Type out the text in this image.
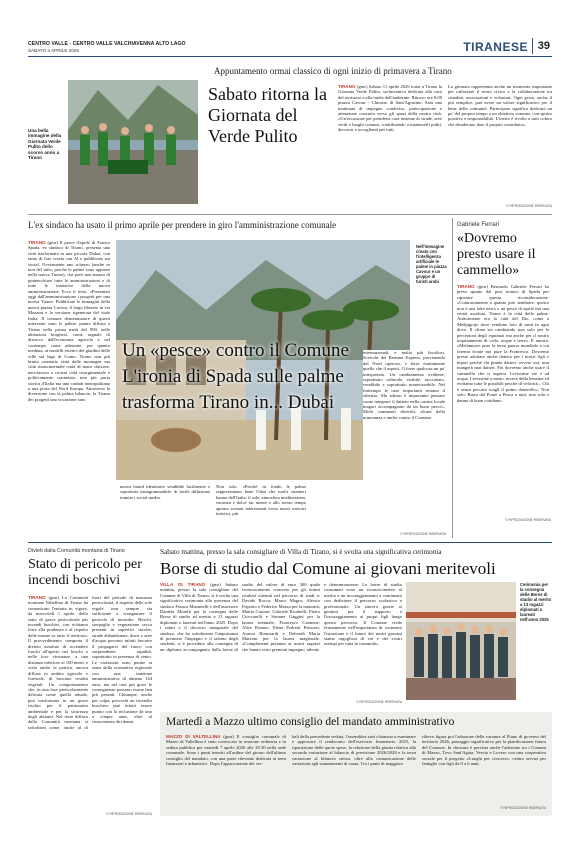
CENTRO VALLE - CENTRO VALLE VALCHIAVENNA ALTO LAGO
SABATO 4 APRILE 2026	TIRANESE 39
Appuntamento ormai classico di ogni inizio di primavera a Tirano
Una bella immagine della Giornata Verde Pulito dello scorso anno a Tirano
Sabato ritorna la Giornata del Verde Pulito
TIRANO (gmr) Sabato 11 aprile 2026 torna a Tirano la Giornata Verde Pulito, un'iniziativa dedicata alla cura del territorio e alla tutela dell'ambiente. Ritrovo ore 8.00 piazza Cavour - Chiostro di Sant'Agostino. Sarà una mattinata di impegno condiviso, partecipazione e attenzione concreta verso gli spazi della nostra città. «Un'occasione per prendersi cura insieme di strade, aree verdi e luoghi comuni, contribuendo a mantenerli puliti, decorosi e accoglienti per tutti.
La giornata rappresenta anche un momento importante per rafforzare il senso civico e la collaborazione tra cittadini, associazioni e volontari. Ogni gesto, anche il più semplice, può avere un valore significativo per il bene della comunità. Partecipare significa dedicare un po' del proprio tempo a un obiettivo comune, con spirito positivo e responsabilità. L'invito è rivolto a tutti coloro che desiderano dare il proprio contributo».
© RIPRODUZIONE RISERVATA
L'ex sindaco ha usato il primo aprile per prendere in giro l'amministrazione comunale
TIRANO (gmr) Il pesce d'aprile di Franco Spada, ex sindaco di Tirano, presenta una città trasformata in una piccola Dubai, con tanto di foto creata con AI e pubblicate sui social. Ovviamente uno scherzo (anche se non del tutto, perché le palme sono apparse nella nuova Tirano), che però non manca di punzecchiare tutte le amministrazioni e di tutte le iniziative della nuova amministrazione. Ecco il testo. «Presentati oggi dall'amministrazione i progetti per una nuova Tirano. Pubblicate le immagini della nuova piazza Cavour, il largo liberato in via Mazzini e la versione rigenerata del viale Italia. Il comune denominatore di questi interventi sono le palme: piante diffuse a Tirano nella prima metà del 900, nelle abitazioni borghesi, come segnale di distacco dall'economia agricola e nel contempo come adesione, per quanto mediata, ai modelli estetici dei giardini delle ville sul lago di Como. Tirano non più brutta catenaria vista dalle montagne ma città rinascimentale cinta di mura sfarzose, neoclassica e riviera città risorgimentale e politicamente connotata, non più porta storica d'Italia ma una casbah metropolitana a una porta del Nord Europa. Attraverso la diversione con la palma bilancio, la Tirano dei progetti una vocazione sino
Nell'immagine creata con l'intelligenza artificiale le palme in piazza Cavour e un gruppo di turisti arabi
Un «pesce» contro il Comune L'ironia di Spada sulle palme trasforma Tirano in... Dubai
nuova brand identitario vendibile facilmente e sopratutto instagrammabile: di facile diffusione tramite i social media.
Non solo. «Perché in fondo le palme rappresentano bene l'idea che molti stranieri hanno dell'Italia: il sole, atmosfera mediterranea, vacanza e dolce far niente e allo stesso tempo aprono scenari interessanti verso nuovi mercati turistici, più
internazionali, e molto più facoltosi. Sceicchi del Bernina Express, provenendo dal Nord operoso, e forse esattamente quello che il aspetti. O forse qualcosa un po' interpretato. Un cambiamento evidente, soprattutto culturale, visibile, raccontato, vendibile e soprattutto monetizzabile. Nel frattempo le case importanti restano il silenzio. Ma adesso è importante pensare come integrare il dattero nella cucina locale magari accompagnato da un buon pesce». Molti commenti divertiti, alcuni della minoranza e anche contro il Comune.
© RIPRODUZIONE RISERVATA
Gabriele Ferrari
«Dovremo presto usare il cammello»
TIRANO (gmr) Bernardo Gabriele Ferrari ha preso spunto dal post ironico di Spada per riportare questa riconsiderazione. «Contrariamente a quanto può sembrare, questo non è una fake news o un pesce di aprile ma una verità assoluta. Tirano è la città delle palme. Anticamente era la città del Dio, come a Medjugorje dove vendono foto di santi in ogni dove. Il clima sta cambiando non solo per le percezioni degli equinozi ma anche per il nostro inquinamento di cielo, acque e terre». E ancora. «Metàmuovi pure la terza guerra mondiale a cui faremo fronte noi pure la Francesco. Dovremo presto adottare anche dattero per i nostri figli e nipoti perché chi pianta datteri, ovvero noi, non mangerà mai datteri. Poi dovremo anche usare il cammello che ci aspetta. Levissime vie e ad acqua. Levissime a meno, invece della benzina ed evitiamo tutte le possibili pesche di velocità... Chi è senza peccato scagli il primo datterello», Non solo. Basta dal Ponte a Pesca a tutti, non solo e danno di buon cotidiano.
© RIPRODUZIONE RISERVATA
Divieti dalla Comunità montana di Tirano
Stato di pericolo per incendi boschivi
TIRANO (gmr) La Comunità montana Valtellina di Tirano ha comunicato l'entrata in vigore, da mercoledì 1 aprile, dello stato di grave pericolosità per incendi boschivi, con richiamo forte alla prudenza e al rispetto delle norme su tutto il territorio. Il provvedimento comporta il divieto assoluto di accendere fuochi all'aperto nei boschi o nelle loro vicinanze, a una distanza inferiore ai 100 metri, e vieta anche la pratica, ancora diffusa in ambito agricolo e forestale, di bruciare residui vegetali. Un comportamento che, in una fase particolarmente delicata come quella attuale, può trasformare in un grave rischio per il patrimonio ambientale e per la sicurezza degli abitanti. Nel testo diffuso dalla Comunità montana si sottolinea come, anche al di fuori del periodo di massima pericolosità, il rispetto delle sole regole non sempre sia sufficiente a scongiurare il pericolo di incendio. Boschi, sterpaglie e vegetazione secca presenti in superfici incolte, strade abbandonate, dossi o aree d'acqua possono infatti favorire il propagarsi del fuoco con sorprendente rapidità, soprattutto in presenza di vento. Le violazioni sono punite ai sensi della normativa regionale con una sanzione amministrativa di almeno 144 euro, ma nei casi più gravi le conseguenze possono essere ben più pesanti. Chiunque, anche per colpa, provochi un incendio boschivo può infatti essere punito con la reclusione da uno a cinque anni, oltre al risarcimento dei danni.
© RIPRODUZIONE RISERVATA
Sabato mattina, presso la sala consigliare di Villa di Tirano, si è svolta una significativa cerimonia
Borse di studio dal Comune ai giovani meritevoli
VILLA DI TIRANO (gmr) Sabato mattina, presso la sala consigliare del Comune di Villa di Tirano, si è svolta una significativa cerimonia alla presenza del sindaco Franco Marantelli e dell'assessore Daniela Morelli per la consegna delle Borse di studio ad merito a 13 ragazzi diplomati o laureati nell'anno 2025. Dopo i saluti e il discorso inaugurale del sindaco, che ha sottolineato l'importanza di premiare l'impegno e il talento degli studenti, si è proceduto alla consegna di un diploma accompagnato dalla borsa di studio del valore di euro 300 quale riconoscimento concreto per gli ottimi risultati ottenuti nel percorso di studi a: Davide Rocca; Marco Magro; Alessio Fripotto e Federico Mazza per la maturità; Mattia Curtoni; Gabriele Ricabelli; Pietro Cioccarelli e Simone Gaggini per la laurea triennale; Francesco Cannone; Alice Romeo; Elena Pedretti Petrozzi; Aurora Bianciardi e Deborah Maria Marzoni per la laurea magistrale. «Complimenti pertanto ai nostri ragazzi che hanno visto premiati impegno, talento
e determinazione. Le borse di studio consumati sono un riconoscimento al merito e un incoraggiamento a continuare con dedizione il percorso scolastico e professionale. Un sincero grazie ai genitori per il supporto e l'incoraggiamento ai propri figli lungo questo percorso. Il Comune crede fermamente nell'importanza di sostenere l'istruzione e il futuro dei nostri giovani siamo orgogliosi di voi e dei vostri esempi per tutta la comunità».
Cerimonia per la consegna delle Borse di studio al merito a 13 ragazzi diplomati o laureati nell'anno 2025
© RIPRODUZIONE RISERVATA
Martedì a Mazzo ultimo consiglio del mandato amministrativo
MAZZO DI VALTELLINA (gmr) Il consiglio comunale di Mazzo di Valtellina è stato convocato in sessione ordinaria e in seduta pubblica per martedì 7 aprile 2026 alle 20.30 nella sede comunale. Sono i punti inseriti all'ordine del giorno dell'ultimo consiglio del mandato, con una parte rilevante dedicata ai temi finanziari e urbanistici. Dopo l'approvazione dei ver-
bali della precedente seduta, l'assemblea sarà chiamata a esaminare e approvare il rendiconto dell'esercizio finanziario 2025, la ripartizione delle quote spese, la relazione della giunta relativa alla seconda variazione al bilancio di previsione 2026/2028 e la terza variazione al bilancio stesso, oltre alla comunicazione delle variazioni agli stanziamenti di cassa. Tra i punti di maggiore
rilievo figura poi l'adozione della variante al Piano di governo del territorio 2026, passaggio significativo per la pianificazione futura del Comune. In chiusura è prevista anche l'adesione tra i Comuni di Mazzo, Tovo Sant'Agata, Vervio e Lovero con una cooperativa sociale per il progetto «Luoghi per crescere», centro servizi per famiglie con figli da 0 a 6 anni.
© RIPRODUZIONE RISERVATA
